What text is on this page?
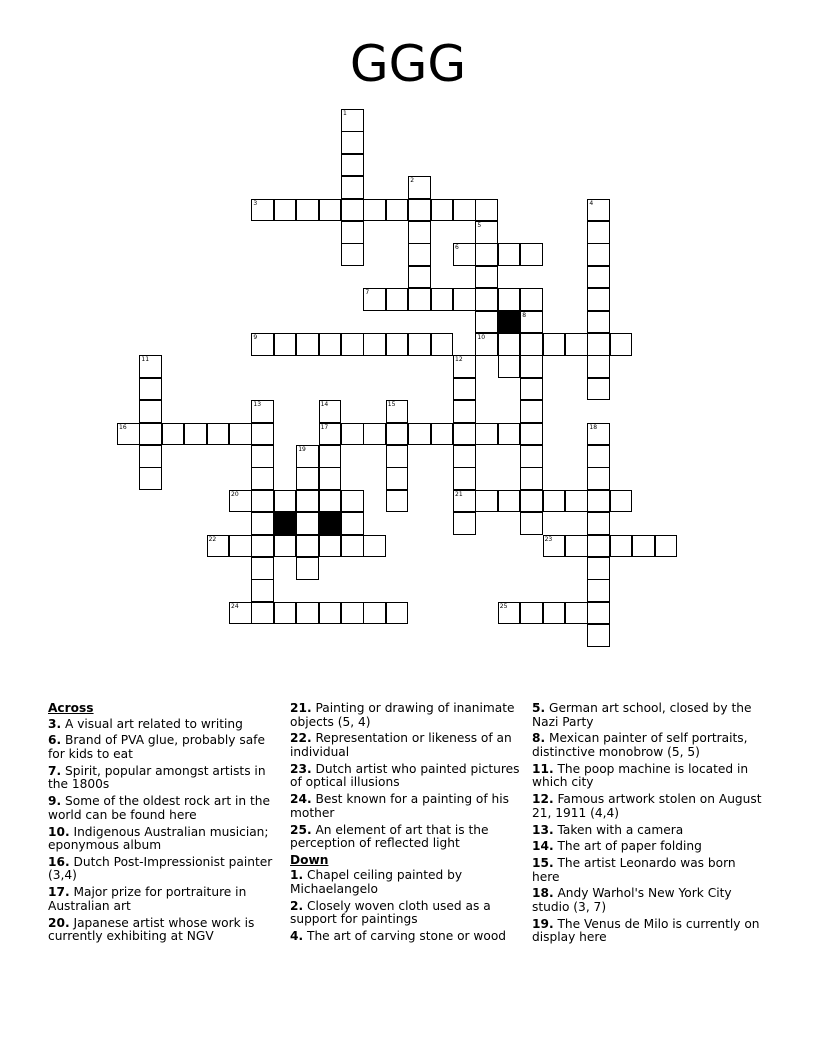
GGG
1
2
3	4
5
6
7
8
9	10
11	12
13	14	15
16	17	18
19
20	21
22	23
24	25
Across
3. A visual art related to writing
6. Brand of PVA glue, probably safe for kids to eat
7. Spirit, popular amongst artists in the 1800s
9. Some of the oldest rock art in the world can be found here
10. Indigenous Australian musician; eponymous album
16. Dutch Post-Impressionist painter (3,4)
17. Major prize for portraiture in Australian art
20. Japanese artist whose work is currently exhibiting at NGV
21. Painting or drawing of inanimate objects (5, 4)
22. Representation or likeness of an individual
23. Dutch artist who painted pictures of optical illusions
24. Best known for a painting of his mother
25. An element of art that is the perception of reflected light
Down
1. Chapel ceiling painted by Michaelangelo
2. Closely woven cloth used as a support for paintings
4. The art of carving stone or wood
5. German art school, closed by the Nazi Party
8. Mexican painter of self portraits, distinctive monobrow (5, 5)
11. The poop machine is located in which city
12. Famous artwork stolen on August 21, 1911 (4,4)
13. Taken with a camera
14. The art of paper folding
15. The artist Leonardo was born here
18. Andy Warhol's New York City studio (3, 7)
19. The Venus de Milo is currently on display here
